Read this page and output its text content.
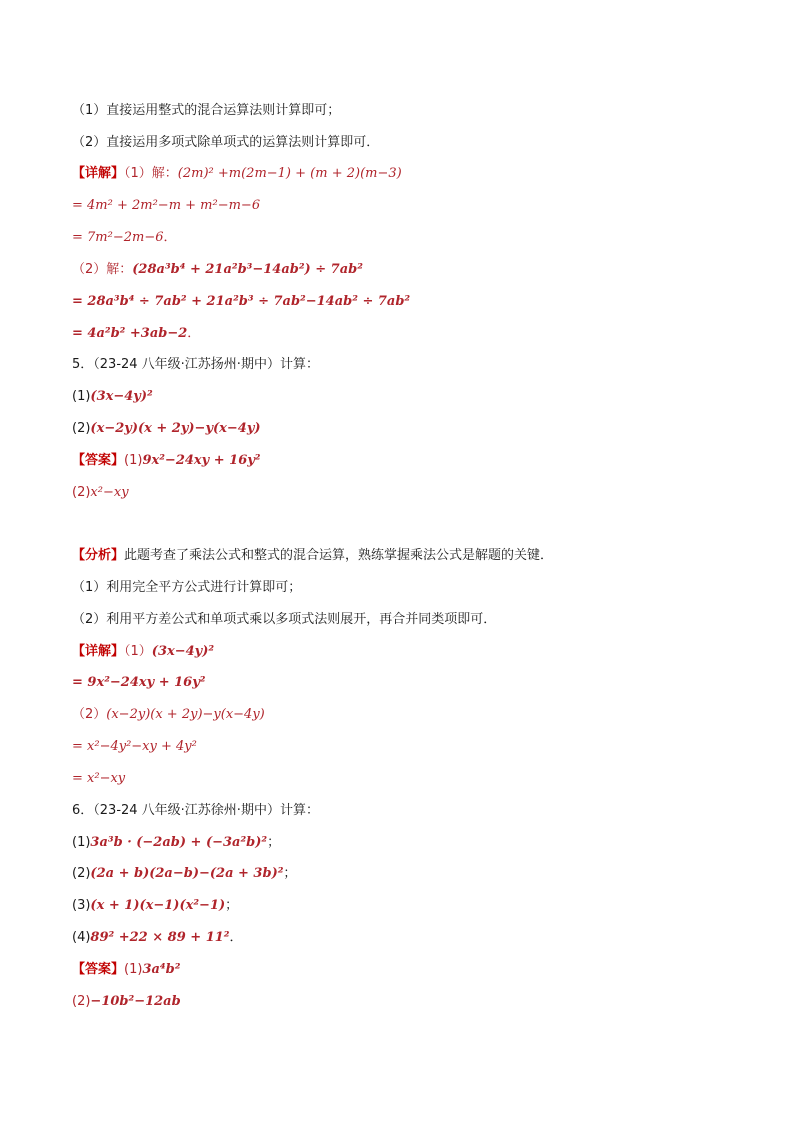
（1）直接运用整式的混合运算法则计算即可；
（2）直接运用多项式除单项式的运算法则计算即可．
【详解】（1）解：(2m)² +m(2m−1) + (m + 2)(m−3)
= 4m² + 2m²−m + m²−m−6
= 7m²−2m−6．
（2）解：(28a³b⁴ + 21a²b³−14ab²) ÷ 7ab²
= 28a³b⁴ ÷ 7ab² + 21a²b³ ÷ 7ab²−14ab² ÷ 7ab²
= 4a²b² +3ab−2．
5．（23-24 八年级·江苏扬州·期中）计算：
(1)(3x−4y)²
(2)(x−2y)(x + 2y)−y(x−4y)
【答案】(1)9x²−24xy + 16y²
(2)x²−xy
【分析】此题考查了乘法公式和整式的混合运算，熟练掌握乘法公式是解题的关键．
（1）利用完全平方公式进行计算即可；
（2）利用平方差公式和单项式乘以多项式法则展开，再合并同类项即可．
【详解】（1）(3x−4y)²
= 9x²−24xy + 16y²
（2）(x−2y)(x + 2y)−y(x−4y)
= x²−4y²−xy + 4y²
= x²−xy
6．（23-24 八年级·江苏徐州·期中）计算：
(1)3a³b · (−2ab) + (−3a²b)²；
(2)(2a + b)(2a−b)−(2a + 3b)²；
(3)(x + 1)(x−1)(x²−1)；
(4)89² +22 × 89 + 11²．
【答案】(1)3a⁴b²
(2)−10b²−12ab
